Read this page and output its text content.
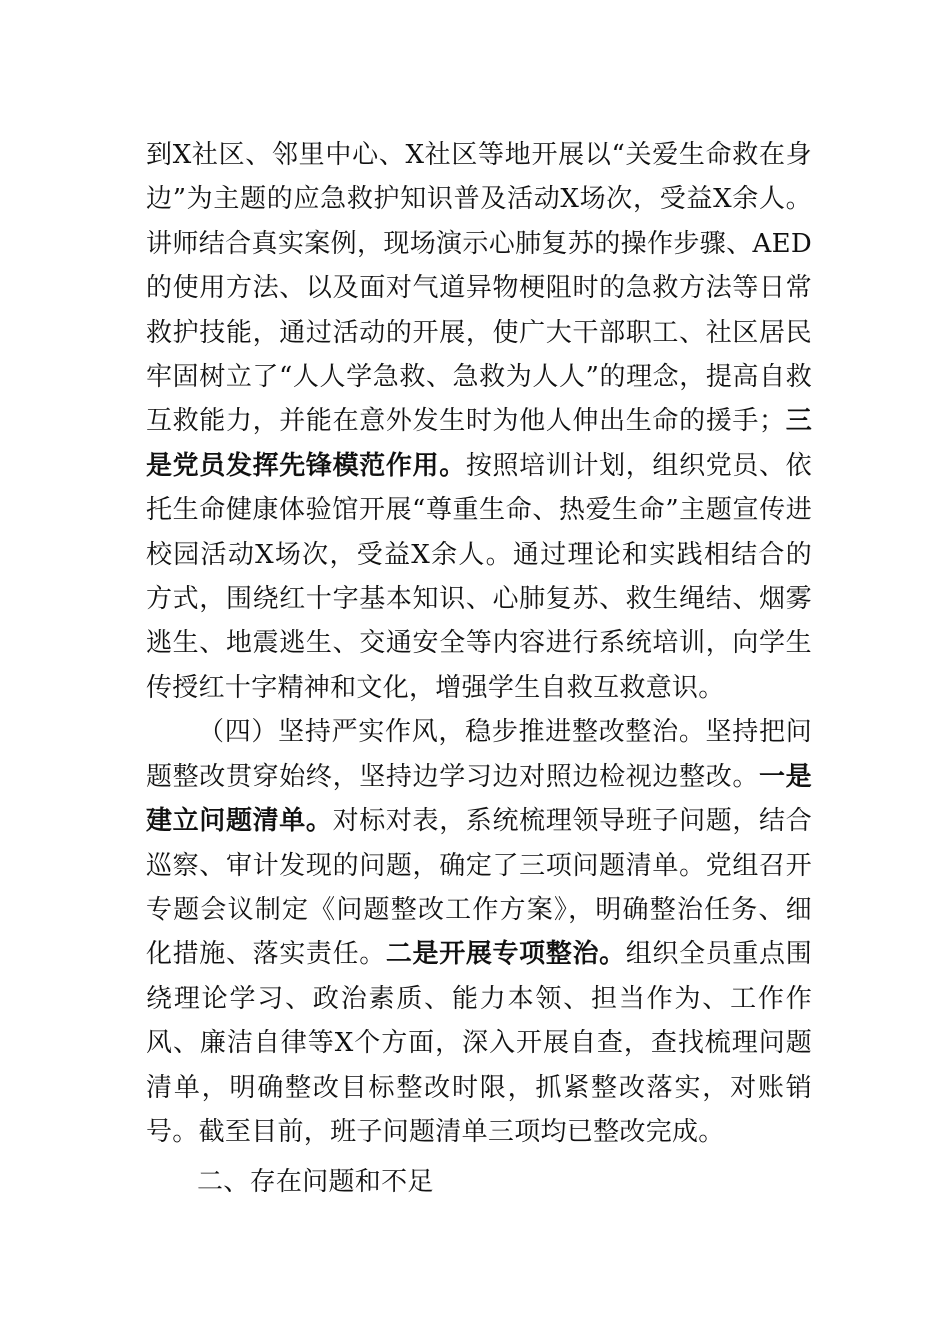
到X社区、邻里中心、X社区等地开展以“关爱生命救在身边”为主题的应急救护知识普及活动X场次，受益X余人。讲师结合真实案例，现场演示心肺复苏的操作步骤、AED的使用方法、以及面对气道异物梗阻时的急救方法等日常救护技能，通过活动的开展，使广大干部职工、社区居民牢固树立了“人人学急救、急救为人人”的理念，提高自救互救能力，并能在意外发生时为他人伸出生命的援手；三是党员发挥先锋模范作用。按照培训计划，组织党员、依托生命健康体验馆开展“尊重生命、热爱生命”主题宣传进校园活动X场次，受益X余人。通过理论和实践相结合的方式，围绕红十字基本知识、心肺复苏、救生绳结、烟雾逃生、地震逃生、交通安全等内容进行系统培训，向学生传授红十字精神和文化，增强学生自救互救意识。

（四）坚持严实作风，稳步推进整改整治。坚持把问题整改贯穿始终，坚持边学习边对照边检视边整改。一是建立问题清单。对标对表，系统梳理领导班子问题，结合巡察、审计发现的问题，确定了三项问题清单。党组召开专题会议制定《问题整改工作方案》，明确整治任务、细化措施、落实责任。二是开展专项整治。组织全员重点围绕理论学习、政治素质、能力本领、担当作为、工作作风、廉洁自律等X个方面，深入开展自查，查找梳理问题清单，明确整改目标整改时限，抓紧整改落实，对账销号。截至目前，班子问题清单三项均已整改完成。

二、存在问题和不足
